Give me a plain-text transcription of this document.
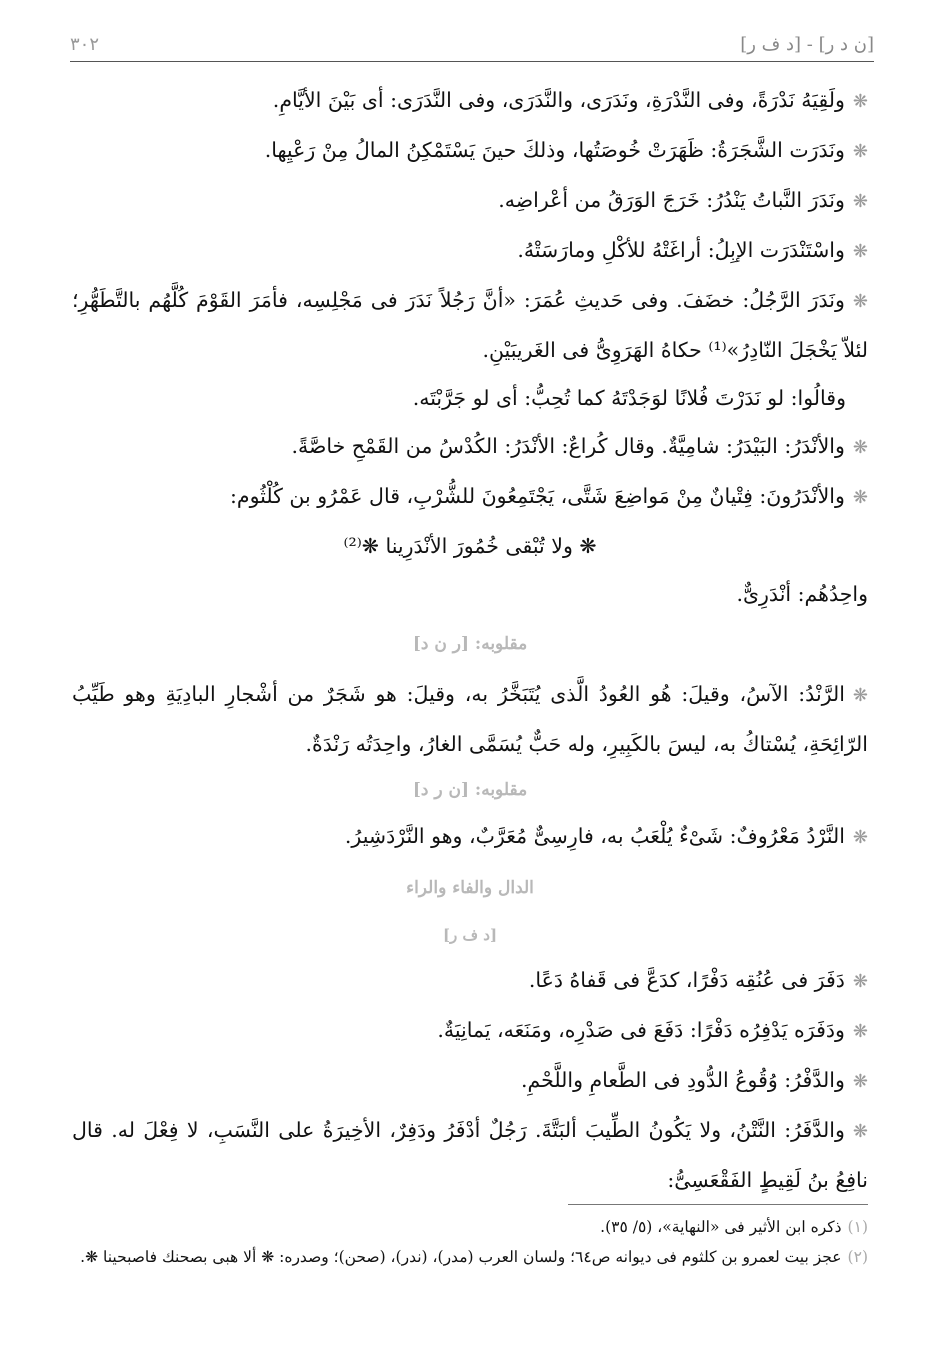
[ن د ر] - [د ف ر]
٣٠٢

❋ولَقِيَهُ نَدْرَةً، وفى النَّدْرَةِ، ونَدَرَى، والنَّدَرَى، وفى النَّدَرَى: أى بَيْنَ الأيَّامِ.

❋ونَدَرَت الشَّجَرَةُ: ظَهَرَتْ خُوصَتُها، وذلكَ حينَ يَسْتَمْكِنُ المالُ مِنْ رَعْيِها.

❋ونَدَرَ النَّباتُ يَنْدُرُ: خَرَجَ الوَرَقُ من أعْراضِه.

❋واسْتَنْدَرَت الإبِلُ: أراغَتْهُ للأكْلِ ومارَسَتْهُ.

❋ونَدَرَ الرَّجُلُ: خضَفَ. وفى حَديثِ عُمَرَ: «أنَّ رَجُلاً نَدَرَ فى مَجْلِسِه، فأمَرَ القَوْمَ كُلَّهُم بالتَّطَهُّرِ؛ لئلاّ يَخْجَلَ النّادِرُ»⁽¹⁾ حكاهُ الهَرَوِىُّ فى الغَريبَيْنِ.

وقالُوا: لو نَدَرْتَ فُلانًا لوَجَدْتَهُ كما تُحِبُّ: أى لو جَرَّبْتَه.

❋والأنْدَرُ: البَيْدَرُ: شامِيَّةٌ. وقال كُراعٌ: الأنْدَرُ: الكُدْسُ من القَمْحِ خاصَّةً.

❋والأنْدَرُونَ: فِتْيانٌ مِنْ مَواضِعَ شَتَّى، يَجْتَمِعُونَ للشُّرْبِ، قال عَمْرُو بن كُلْثُوم:

❋ ولا تُبْقى خُمُورَ الأنْدَرِينا ❋⁽²⁾

واحِدُهُم: أنْدَرِىٌّ.

مقلوبه: [ر ن د]

❋الرَّنْدُ: الآسُ، وقيلَ: هُو العُودُ الَّذى يُتَبَخَّرُ به، وقيلَ: هو شَجَرٌ من أشْجارِ البادِيَةِ وهو طَيِّبُ الرّائِحَةِ، يُسْتاكُ به، ليسَ بالكَبِيرِ، وله حَبٌّ يُسَمَّى الغارُ، واحِدَتُه رَنْدَةٌ.

مقلوبه: [ن ر د]

❋النَّرْدُ مَعْرُوفٌ: شَىْءٌ يُلْعَبُ به، فارِسِىٌّ مُعَرَّبٌ، وهو النَّرْدَشِيرُ.

الدال والفاء والراء

[د ف ر]

❋دَفَرَ فى عُنُقِه دَفْرًا، كدَعَّ فى قَفاهُ دَعًا.

❋ودَفَرَه يَدْفِرُه دَفْرًا: دَفَعَ فى صَدْرِه، ومَنَعَه، يَمانِيَةٌ.

❋والدَّفْرُ: وُقُوعُ الدُّودِ فى الطَّعامِ واللَّحْمِ.

❋والدَّفَرُ: النَّتْنُ، ولا يَكُونُ الطِّيبَ ألبَتَّةَ. رَجُلٌ أدْفَرُ ودَفِرٌ، الأخِيرَةُ على النَّسَبِ، لا فِعْلَ له. قال نافِعُ بنُ لَقِيطٍ الفَقْعَسِىُّ:

(١)ذكره ابن الأثير فى «النهاية»، (٥/ ٣٥).

(٢)عجز بيت لعمرو بن كلثوم فى ديوانه ص٦٤؛ ولسان العرب (مدر)، (ندر)، (صحن)؛ وصدره: ❋ ألا هبى بصحنك فاصبحينا ❋.
